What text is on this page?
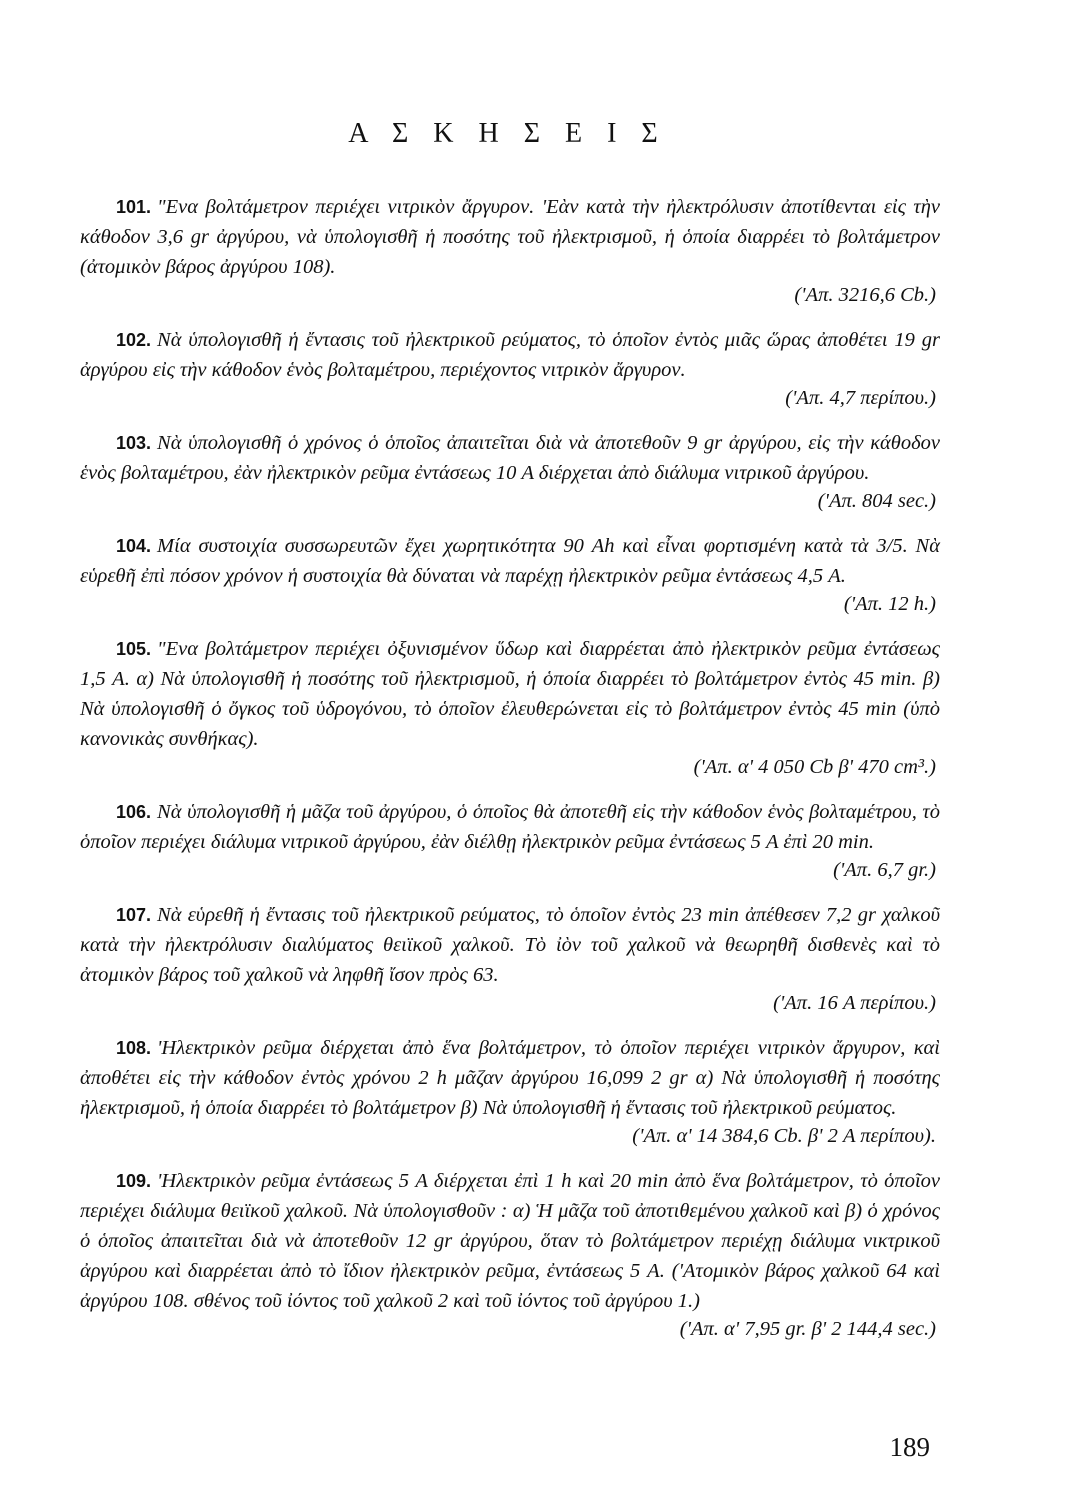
Α Σ Κ Η Σ Ε Ι Σ

101. "Ενα βολτάμετρον περιέχει νιτρικὸν ἄργυρον. 'Εὰν κατὰ τὴν ἠλεκτρόλυσιν ἀποτίθενται εἰς τὴν κάθοδον 3,6 gr ἀργύρου, νὰ ὑπολογισθῆ ἡ ποσότης τοῦ ἠλεκτρισμοῦ, ἡ ὁποία διαρρέει τὸ βολτάμετρον (ἀτομικὸν βάρος ἀργύρου 108).
('Απ. 3216,6 Cb.)

102. Νὰ ὑπολογισθῆ ἡ ἔντασις τοῦ ἠλεκτρικοῦ ρεύματος, τὸ ὁποῖον ἐντὸς μιᾶς ὥρας ἀποθέτει 19 gr ἀργύρου εἰς τὴν κάθοδον ἑνὸς βολταμέτρου, περιέχοντος νιτρικὸν ἄργυρον.
('Απ. 4,7 περίπου.)

103. Νὰ ὑπολογισθῆ ὁ χρόνος ὁ ὁποῖος ἀπαιτεῖται διὰ νὰ ἀποτεθοῦν 9 gr ἀργύρου, εἰς τὴν κάθοδον ἑνὸς βολταμέτρου, ἐὰν ἠλεκτρικὸν ρεῦμα ἐντάσεως 10 A διέρχεται ἀπὸ διάλυμα νιτρικοῦ ἀργύρου.
('Απ. 804 sec.)

104. Μία συστοιχία συσσωρευτῶν ἔχει χωρητικότητα 90 Ah καὶ εἶναι φορτισμένη κατὰ τὰ 3/5. Νὰ εὑρεθῆ ἐπὶ πόσον χρόνον ἡ συστοιχία θὰ δύναται νὰ παρέχῃ ἠλεκτρικὸν ρεῦμα ἐντάσεως 4,5 A.
('Απ. 12 h.)

105. "Ενα βολτάμετρον περιέχει ὀξυνισμένον ὕδωρ καὶ διαρρέεται ἀπὸ ἠλεκτρικὸν ρεῦμα ἐντάσεως 1,5 A. α) Νὰ ὑπολογισθῆ ἡ ποσότης τοῦ ἠλεκτρισμοῦ, ἡ ὁποία διαρρέει τὸ βολτάμετρον ἐντὸς 45 min. β) Νὰ ὑπολογισθῆ ὁ ὄγκος τοῦ ὑδρογόνου, τὸ ὁποῖον ἐλευθερώνεται εἰς τὸ βολτάμετρον ἐντὸς 45 min (ὑπὸ κανονικὰς συνθήκας).
('Απ. α' 4 050 Cb β' 470 cm³.)

106. Νὰ ὑπολογισθῆ ἡ μᾶζα τοῦ ἀργύρου, ὁ ὁποῖος θὰ ἀποτεθῆ εἰς τὴν κάθοδον ἑνὸς βολταμέτρου, τὸ ὁποῖον περιέχει διάλυμα νιτρικοῦ ἀργύρου, ἐὰν διέλθῃ ἠλεκτρικὸν ρεῦμα ἐντάσεως 5 A ἐπὶ 20 min.
('Απ. 6,7 gr.)

107. Νὰ εὑρεθῆ ἡ ἔντασις τοῦ ἠλεκτρικοῦ ρεύματος, τὸ ὁποῖον ἐντὸς 23 min ἀπέθεσεν 7,2 gr χαλκοῦ κατὰ τὴν ἠλεκτρόλυσιν διαλύματος θειϊκοῦ χαλκοῦ. Τὸ ἰὸν τοῦ χαλκοῦ νὰ θεωρηθῆ δισθενὲς καὶ τὸ ἀτομικὸν βάρος τοῦ χαλκοῦ νὰ ληφθῆ ἴσον πρὸς 63.
('Απ. 16 A περίπου.)

108. 'Ηλεκτρικὸν ρεῦμα διέρχεται ἀπὸ ἕνα βολτάμετρον, τὸ ὁποῖον περιέχει νιτρικὸν ἄργυρον, καὶ ἀποθέτει εἰς τὴν κάθοδον ἐντὸς χρόνου 2 h μᾶζαν ἀργύρου 16,099 2 gr α) Νὰ ὑπολογισθῆ ἡ ποσότης ἠλεκτρισμοῦ, ἡ ὁποία διαρρέει τὸ βολτάμετρον β) Νὰ ὑπολογισθῆ ἡ ἔντασις τοῦ ἠλεκτρικοῦ ρεύματος.
('Απ. α' 14 384,6 Cb. β' 2 A περίπου).

109. 'Ηλεκτρικὸν ρεῦμα ἐντάσεως 5 A διέρχεται ἐπὶ 1 h καὶ 20 min ἀπὸ ἕνα βολτάμετρον, τὸ ὁποῖον περιέχει διάλυμα θειϊκοῦ χαλκοῦ. Νὰ ὑπολογισθοῦν : α) Ἡ μᾶζα τοῦ ἀποτιθεμένου χαλκοῦ καὶ β) ὁ χρόνος ὁ ὁποῖος ἀπαιτεῖται διὰ νὰ ἀποτεθοῦν 12 gr ἀργύρου, ὅταν τὸ βολτάμετρον περιέχῃ διάλυμα νικτρικοῦ ἀργύρου καὶ διαρρέεται ἀπὸ τὸ ἴδιον ἠλεκτρικὸν ρεῦμα, ἐντάσεως 5 A. ('Ατομικὸν βάρος χαλκοῦ 64 καὶ ἀργύρου 108. σθένος τοῦ ἰόντος τοῦ χαλκοῦ 2 καὶ τοῦ ἰόντος τοῦ ἀργύρου 1.)
('Απ. α' 7,95 gr. β' 2 144,4 sec.)

189
